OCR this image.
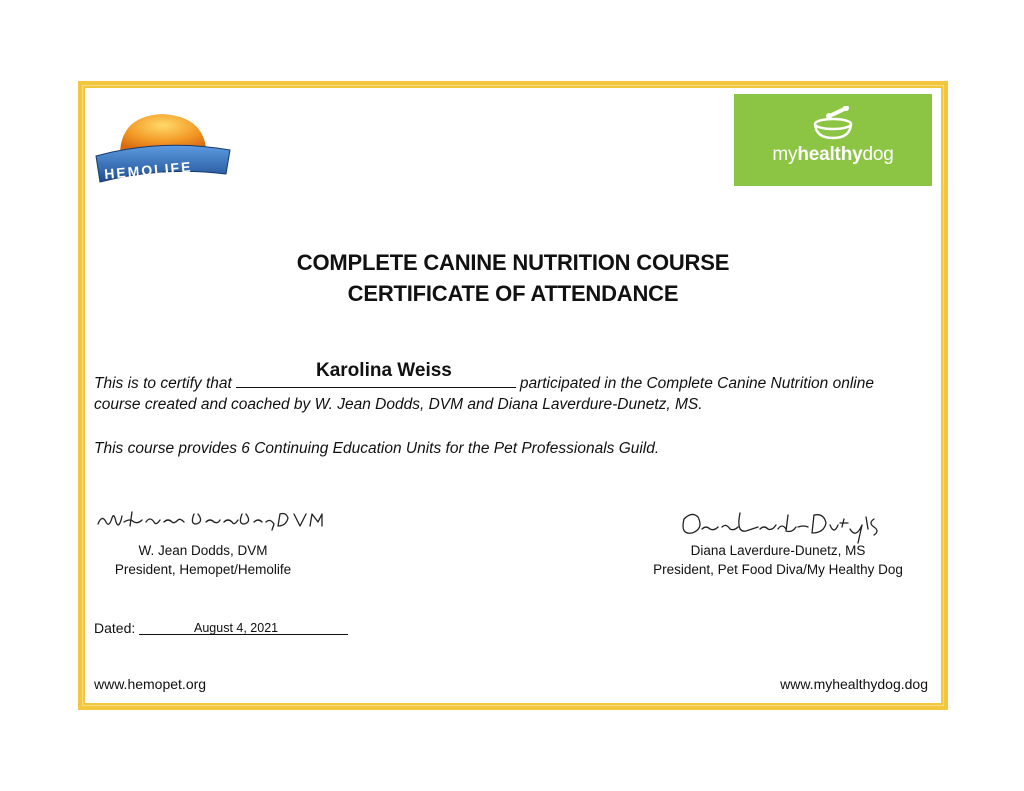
HEMOLIFE
myhealthydog
COMPLETE CANINE NUTRITION COURSE
CERTIFICATE OF ATTENDANCE
This is to certify that	participated in the Complete Canine Nutrition online
Karolina Weiss
course created and coached by W. Jean Dodds, DVM and Diana Laverdure-Dunetz, MS.
This course provides 6 Continuing Education Units for the Pet Professionals Guild.
W. Jean Dodds, DVM
President, Hemopet/Hemolife
Diana Laverdure-Dunetz, MS
President, Pet Food Diva/My Healthy Dog
Dated:	August 4, 2021
www.hemopet.org	www.myhealthydog.dog
